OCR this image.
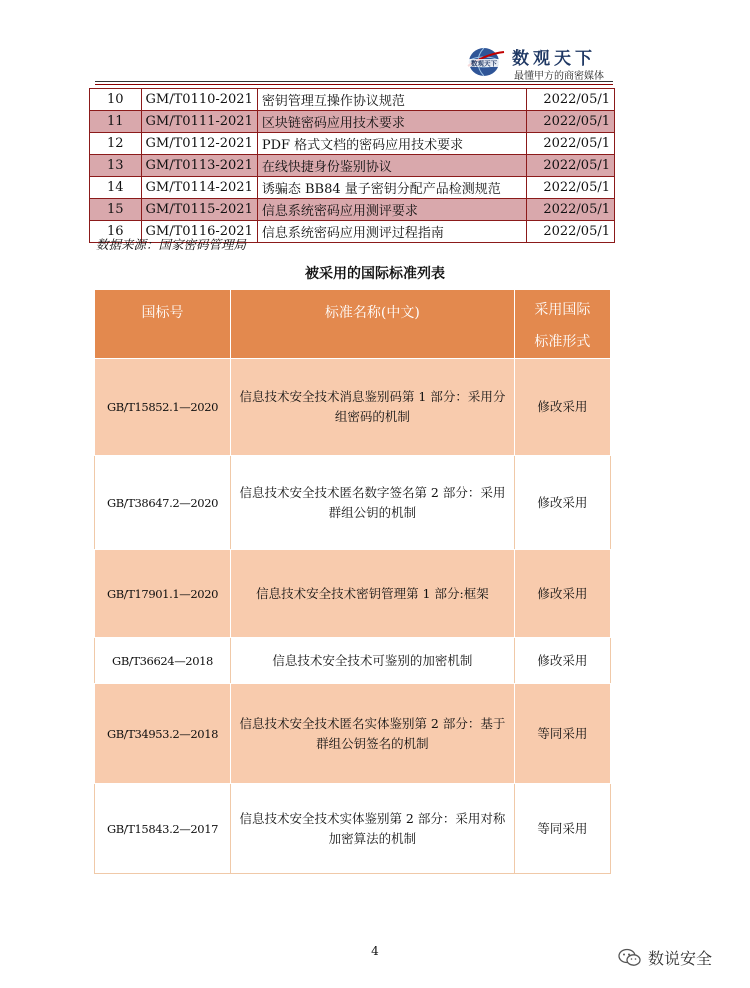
数观天下 数观天下
最懂甲方的商密媒体
10	GM/T0110-2021	密钥管理互操作协议规范	2022/05/1
11	GM/T0111-2021	区块链密码应用技术要求	2022/05/1
12	GM/T0112-2021	PDF 格式文档的密码应用技术要求	2022/05/1
13	GM/T0113-2021	在线快捷身份鉴别协议	2022/05/1
14	GM/T0114-2021	诱骗态 BB84 量子密钥分配产品检测规范	2022/05/1
15	GM/T0115-2021	信息系统密码应用测评要求	2022/05/1
16	GM/T0116-2021	信息系统密码应用测评过程指南	2022/05/1
数据来源：国家密码管理局
被采用的国际标准列表
国标号	标准名称(中文)	采用国际
标准形式
GB/T15852.1—2020	信息技术安全技术消息鉴别码第 1 部分：采用分组密码的机制	修改采用
GB/T38647.2—2020	信息技术安全技术匿名数字签名第 2 部分：采用群组公钥的机制	修改采用
GB/T17901.1—2020	信息技术安全技术密钥管理第 1 部分:框架	修改采用
GB/T36624—2018	信息技术安全技术可鉴别的加密机制	修改采用
GB/T34953.2—2018	信息技术安全技术匿名实体鉴别第 2 部分：基于群组公钥签名的机制	等同采用
GB/T15843.2—2017	信息技术安全技术实体鉴别第 2 部分：采用对称加密算法的机制	等同采用
4	数说安全
